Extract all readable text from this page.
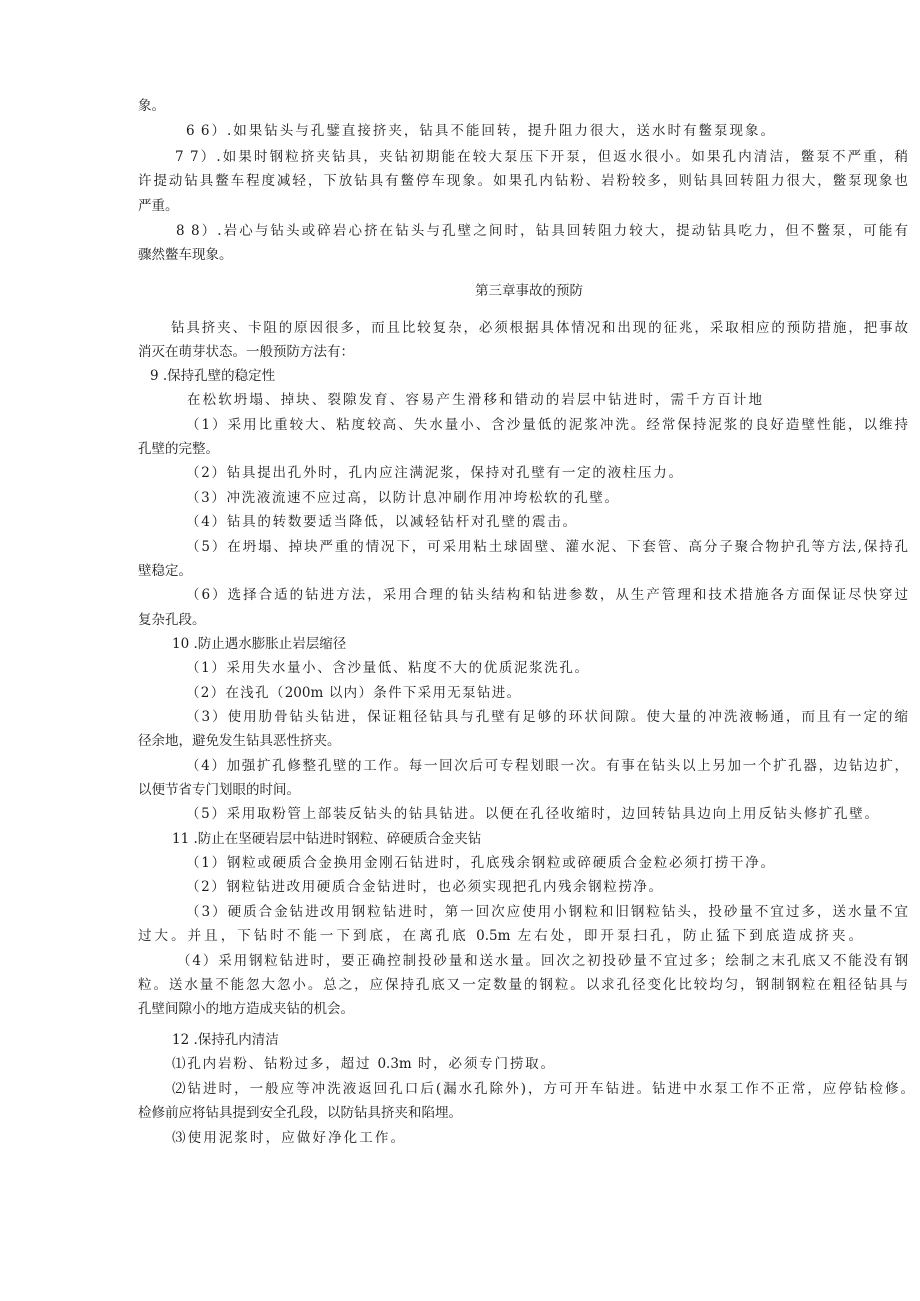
象。
6 6）.如果钻头与孔鐾直接挤夹，钻具不能回转，提升阻力很大，送水时有鳖泵现象。
7 7）.如果时钢粒挤夹钻具，夹钻初期能在较大泵压下开泵，但返水很小。如果孔内清洁，鳖泵不严重，稍
许提动钻具鳖车程度减轻，下放钻具有鳖停车现象。如果孔内钻粉、岩粉较多，则钻具回转阻力很大，鳖泵现象也
严重。
8 8）.岩心与钻头或碎岩心挤在钻头与孔壁之间时，钻具回转阻力较大，提动钻具吃力，但不鳖泵，可能有
骤然鳖车现象。
第三章事故的预防
钻具挤夹、卡阻的原因很多，而且比较复杂，必须根据具体情况和出现的征兆，采取相应的预防措施，把事故
消灭在萌芽状态。一般预防方法有：
9 .保持孔壁的稳定性
在松软坍塌、掉块、裂隙发育、容易产生滑移和错动的岩层中钻进时，需千方百计地
（1）采用比重较大、粘度较高、失水量小、含沙量低的泥浆冲洗。经常保持泥浆的良好造壁性能，以维持
孔壁的完整。
（2）钻具提出孔外时，孔内应注满泥浆，保持对孔壁有一定的液柱压力。
（3）冲洗液流速不应过高，以防计息冲刷作用冲垮松软的孔壁。
（4）钻具的转数要适当降低，以减轻钻杆对孔壁的震击。
（5）在坍塌、掉块严重的情况下，可采用粘土球固壁、灌水泥、下套管、高分子聚合物护孔等方法,保持孔
壁稳定。
（6）选择合适的钻进方法，采用合理的钻头结构和钻进参数，从生产管理和技术措施各方面保证尽快穿过
复杂孔段。
10 .防止遇水膨胀止岩层缩径
（1）采用失水量小、含沙量低、粘度不大的优质泥浆洗孔。
（2）在浅孔（200m 以内）条件下采用无泵钻进。
（3）使用肋骨钻头钻进，保证粗径钻具与孔壁有足够的环状间隙。使大量的冲洗液畅通，而且有一定的缩
径余地，避免发生钻具恶性挤夹。
（4）加强扩孔修整孔壁的工作。每一回次后可专程划眼一次。有事在钻头以上另加一个扩孔器，边钻边扩，
以便节省专门划眼的时间。
（5）采用取粉管上部装反钻头的钻具钻进。以便在孔径收缩时，边回转钻具边向上用反钻头修扩孔壁。
11 .防止在坚硬岩层中钻进时钢粒、碎硬质合金夹钻
（1）钢粒或硬质合金换用金刚石钻进时，孔底残余钢粒或碎硬质合金粒必须打捞干净。
（2）钢粒钻进改用硬质合金钻进时，也必须实现把孔内残余钢粒捞净。
（3）硬质合金钻进改用钢粒钻进时，第一回次应使用小钢粒和旧钢粒钻头，投砂量不宜过多，送水量不宜
过大。并且，下钻时不能一下到底，在离孔底 0.5m 左右处，即开泵扫孔，防止猛下到底造成挤夹。
（4）采用钢粒钻进时，要正确控制投砂量和送水量。回次之初投砂量不宜过多；绘制之末孔底又不能没有钢
粒。送水量不能忽大忽小。总之，应保持孔底又一定数量的钢粒。以求孔径变化比较均匀，钢制钢粒在粗径钻具与
孔壁间隙小的地方造成夹钻的机会。
12 .保持孔内清洁
⑴孔内岩粉、钻粉过多，超过 0.3m 时，必须专门捞取。
⑵钻进时，一般应等冲洗液返回孔口后(漏水孔除外)，方可开车钻进。钻进中水泵工作不正常，应停钻检修。
检修前应将钻具提到安全孔段，以防钻具挤夹和陷埋。
⑶使用泥浆时，应做好净化工作。
